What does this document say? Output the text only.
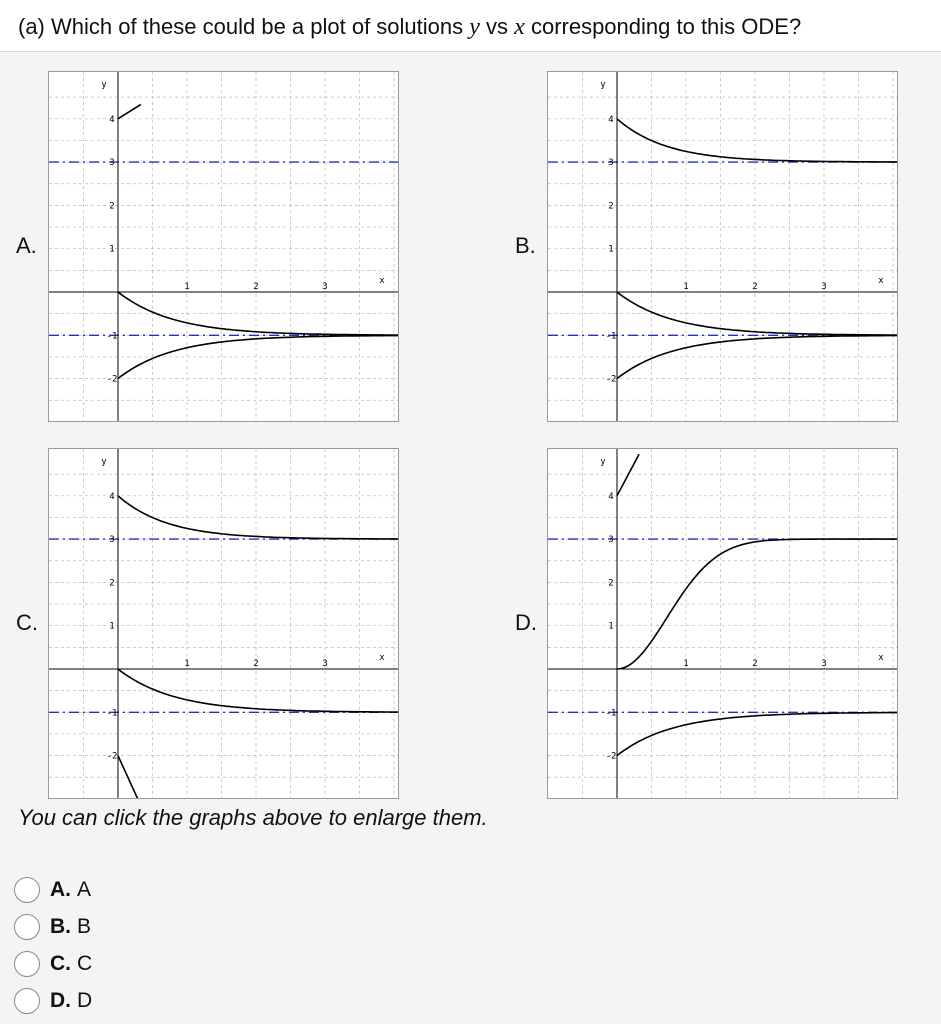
(a) Which of these could be a plot of solutions y vs x corresponding to this ODE?
A.	B.
C.	D.
1	2	3
x
4
3
2
1
-1
-2
y
1	2	3
x
4
3
2
1
-1
-2
y
1	2	3
x
4
3
2
1
-1
-2
y
1	2	3
x
4
3
2
1
-1
-2
y
You can click the graphs above to enlarge them.
A. A
B. B
C. C
D. D
